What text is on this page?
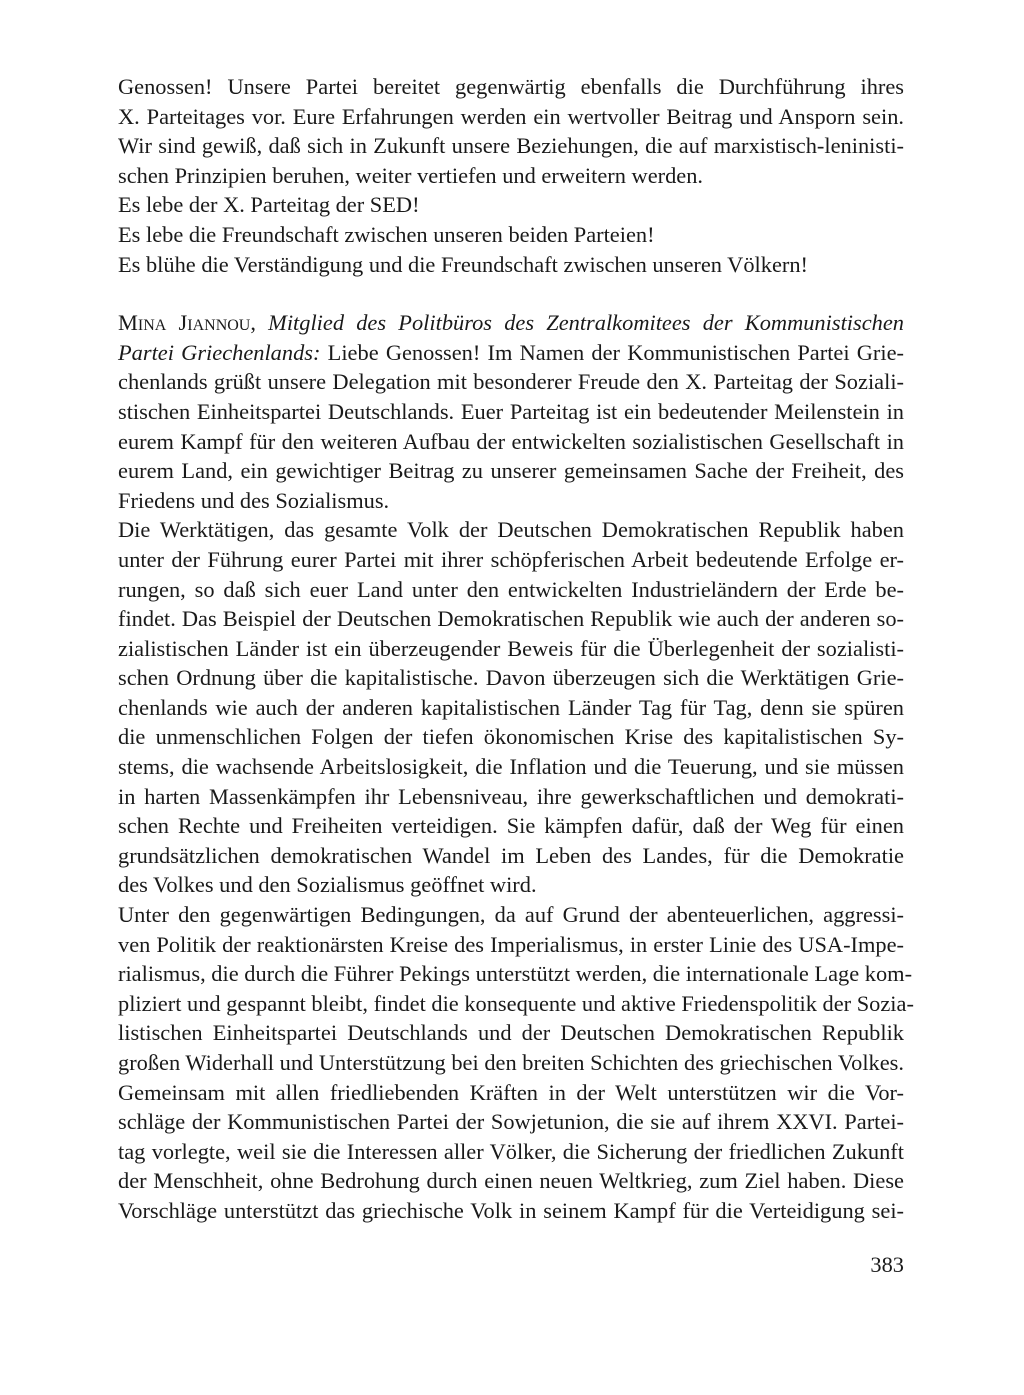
Genossen! Unsere Partei bereitet gegenwärtig ebenfalls die Durchführung ihres
X. Parteitages vor. Eure Erfahrungen werden ein wertvoller Beitrag und Ansporn sein.
Wir sind gewiß, daß sich in Zukunft unsere Beziehungen, die auf marxistisch-leninisti-
schen Prinzipien beruhen, weiter vertiefen und erweitern werden.
Es lebe der X. Parteitag der SED!
Es lebe die Freundschaft zwischen unseren beiden Parteien!
Es blühe die Verständigung und die Freundschaft zwischen unseren Völkern!
Mina Jiannou, Mitglied des Politbüros des Zentralkomitees der Kommunistischen
Partei Griechenlands: Liebe Genossen! Im Namen der Kommunistischen Partei Grie-
chenlands grüßt unsere Delegation mit besonderer Freude den X. Parteitag der Soziali-
stischen Einheitspartei Deutschlands. Euer Parteitag ist ein bedeutender Meilenstein in
eurem Kampf für den weiteren Aufbau der entwickelten sozialistischen Gesellschaft in
eurem Land, ein gewichtiger Beitrag zu unserer gemeinsamen Sache der Freiheit, des
Friedens und des Sozialismus.
Die Werktätigen, das gesamte Volk der Deutschen Demokratischen Republik haben
unter der Führung eurer Partei mit ihrer schöpferischen Arbeit bedeutende Erfolge er-
rungen, so daß sich euer Land unter den entwickelten Industrieländern der Erde be-
findet. Das Beispiel der Deutschen Demokratischen Republik wie auch der anderen so-
zialistischen Länder ist ein überzeugender Beweis für die Überlegenheit der sozialisti-
schen Ordnung über die kapitalistische. Davon überzeugen sich die Werktätigen Grie-
chenlands wie auch der anderen kapitalistischen Länder Tag für Tag, denn sie spüren
die unmenschlichen Folgen der tiefen ökonomischen Krise des kapitalistischen Sy-
stems, die wachsende Arbeitslosigkeit, die Inflation und die Teuerung, und sie müssen
in harten Massenkämpfen ihr Lebensniveau, ihre gewerkschaftlichen und demokrati-
schen Rechte und Freiheiten verteidigen. Sie kämpfen dafür, daß der Weg für einen
grundsätzlichen demokratischen Wandel im Leben des Landes, für die Demokratie
des Volkes und den Sozialismus geöffnet wird.
Unter den gegenwärtigen Bedingungen, da auf Grund der abenteuerlichen, aggressi-
ven Politik der reaktionärsten Kreise des Imperialismus, in erster Linie des USA-Impe-
rialismus, die durch die Führer Pekings unterstützt werden, die internationale Lage kom-
pliziert und gespannt bleibt, findet die konsequente und aktive Friedenspolitik der Sozia-
listischen Einheitspartei Deutschlands und der Deutschen Demokratischen Republik
großen Widerhall und Unterstützung bei den breiten Schichten des griechischen Volkes.
Gemeinsam mit allen friedliebenden Kräften in der Welt unterstützen wir die Vor-
schläge der Kommunistischen Partei der Sowjetunion, die sie auf ihrem XXVI. Partei-
tag vorlegte, weil sie die Interessen aller Völker, die Sicherung der friedlichen Zukunft
der Menschheit, ohne Bedrohung durch einen neuen Weltkrieg, zum Ziel haben. Diese
Vorschläge unterstützt das griechische Volk in seinem Kampf für die Verteidigung sei-
383
